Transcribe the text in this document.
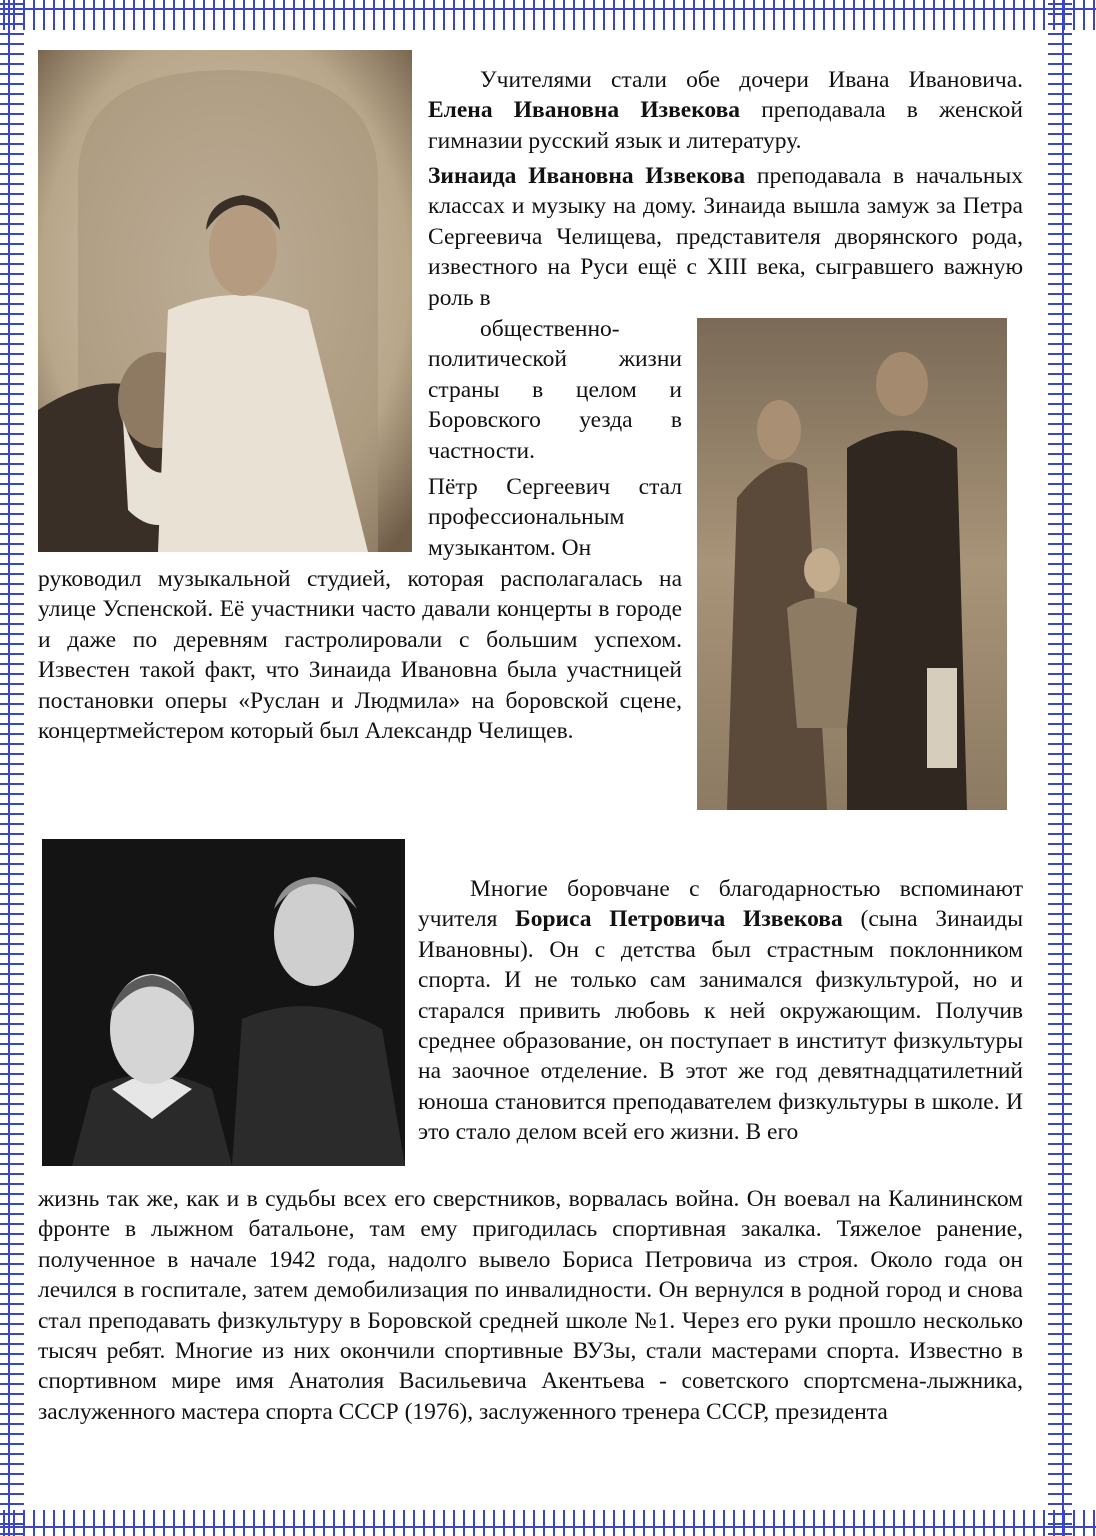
Учителями стали обе дочери Ивана Ивановича. Елена Ивановна Извекова преподавала в женской гимназии русский язык и литературу.
Зинаида Ивановна Извекова преподавала в начальных классах и музыку на дому. Зинаида вышла замуж за Петра Сергеевича Челищева, представителя дворянского рода, известного на Руси ещё с XIII века, сыгравшего важную роль в
общественно-политической жизни страны в целом и Боровского уезда в частности.
Пётр Сергеевич стал профессиональным музыкантом. Он
руководил музыкальной студией, которая располагалась на улице Успенской. Её участники часто давали концерты в городе и даже по деревням гастролировали с большим успехом. Известен такой факт, что Зинаида Ивановна была участницей постановки оперы «Руслан и Людмила» на боровской сцене, концертмейстером который был Александр Челищев.
Многие боровчане с благодарностью вспоминают учителя Бориса Петровича Извекова (сына Зинаиды Ивановны). Он с детства был страстным поклонником спорта. И не только сам занимался физкультурой, но и старался привить любовь к ней окружающим. Получив среднее образование, он поступает в институт физкультуры на заочное отделение. В этот же год девятнадцатилетний юноша становится преподавателем физкультуры в школе. И это стало делом всей его жизни. В его
жизнь так же, как и в судьбы всех его сверстников, ворвалась война. Он воевал на Калининском фронте в лыжном батальоне, там ему пригодилась спортивная закалка. Тяжелое ранение, полученное в начале 1942 года, надолго вывело Бориса Петровича из строя. Около года он лечился в госпитале, затем демобилизация по инвалидности. Он вернулся в родной город и снова стал преподавать физкультуру в Боровской средней школе №1. Через его руки прошло несколько тысяч ребят. Многие из них окончили спортивные ВУЗы, стали мастерами спорта. Известно в спортивном мире имя Анатолия Васильевича Акентьева - советского спортсмена-лыжника, заслуженного мастера спорта СССР (1976), заслуженного тренера СССР, президента
